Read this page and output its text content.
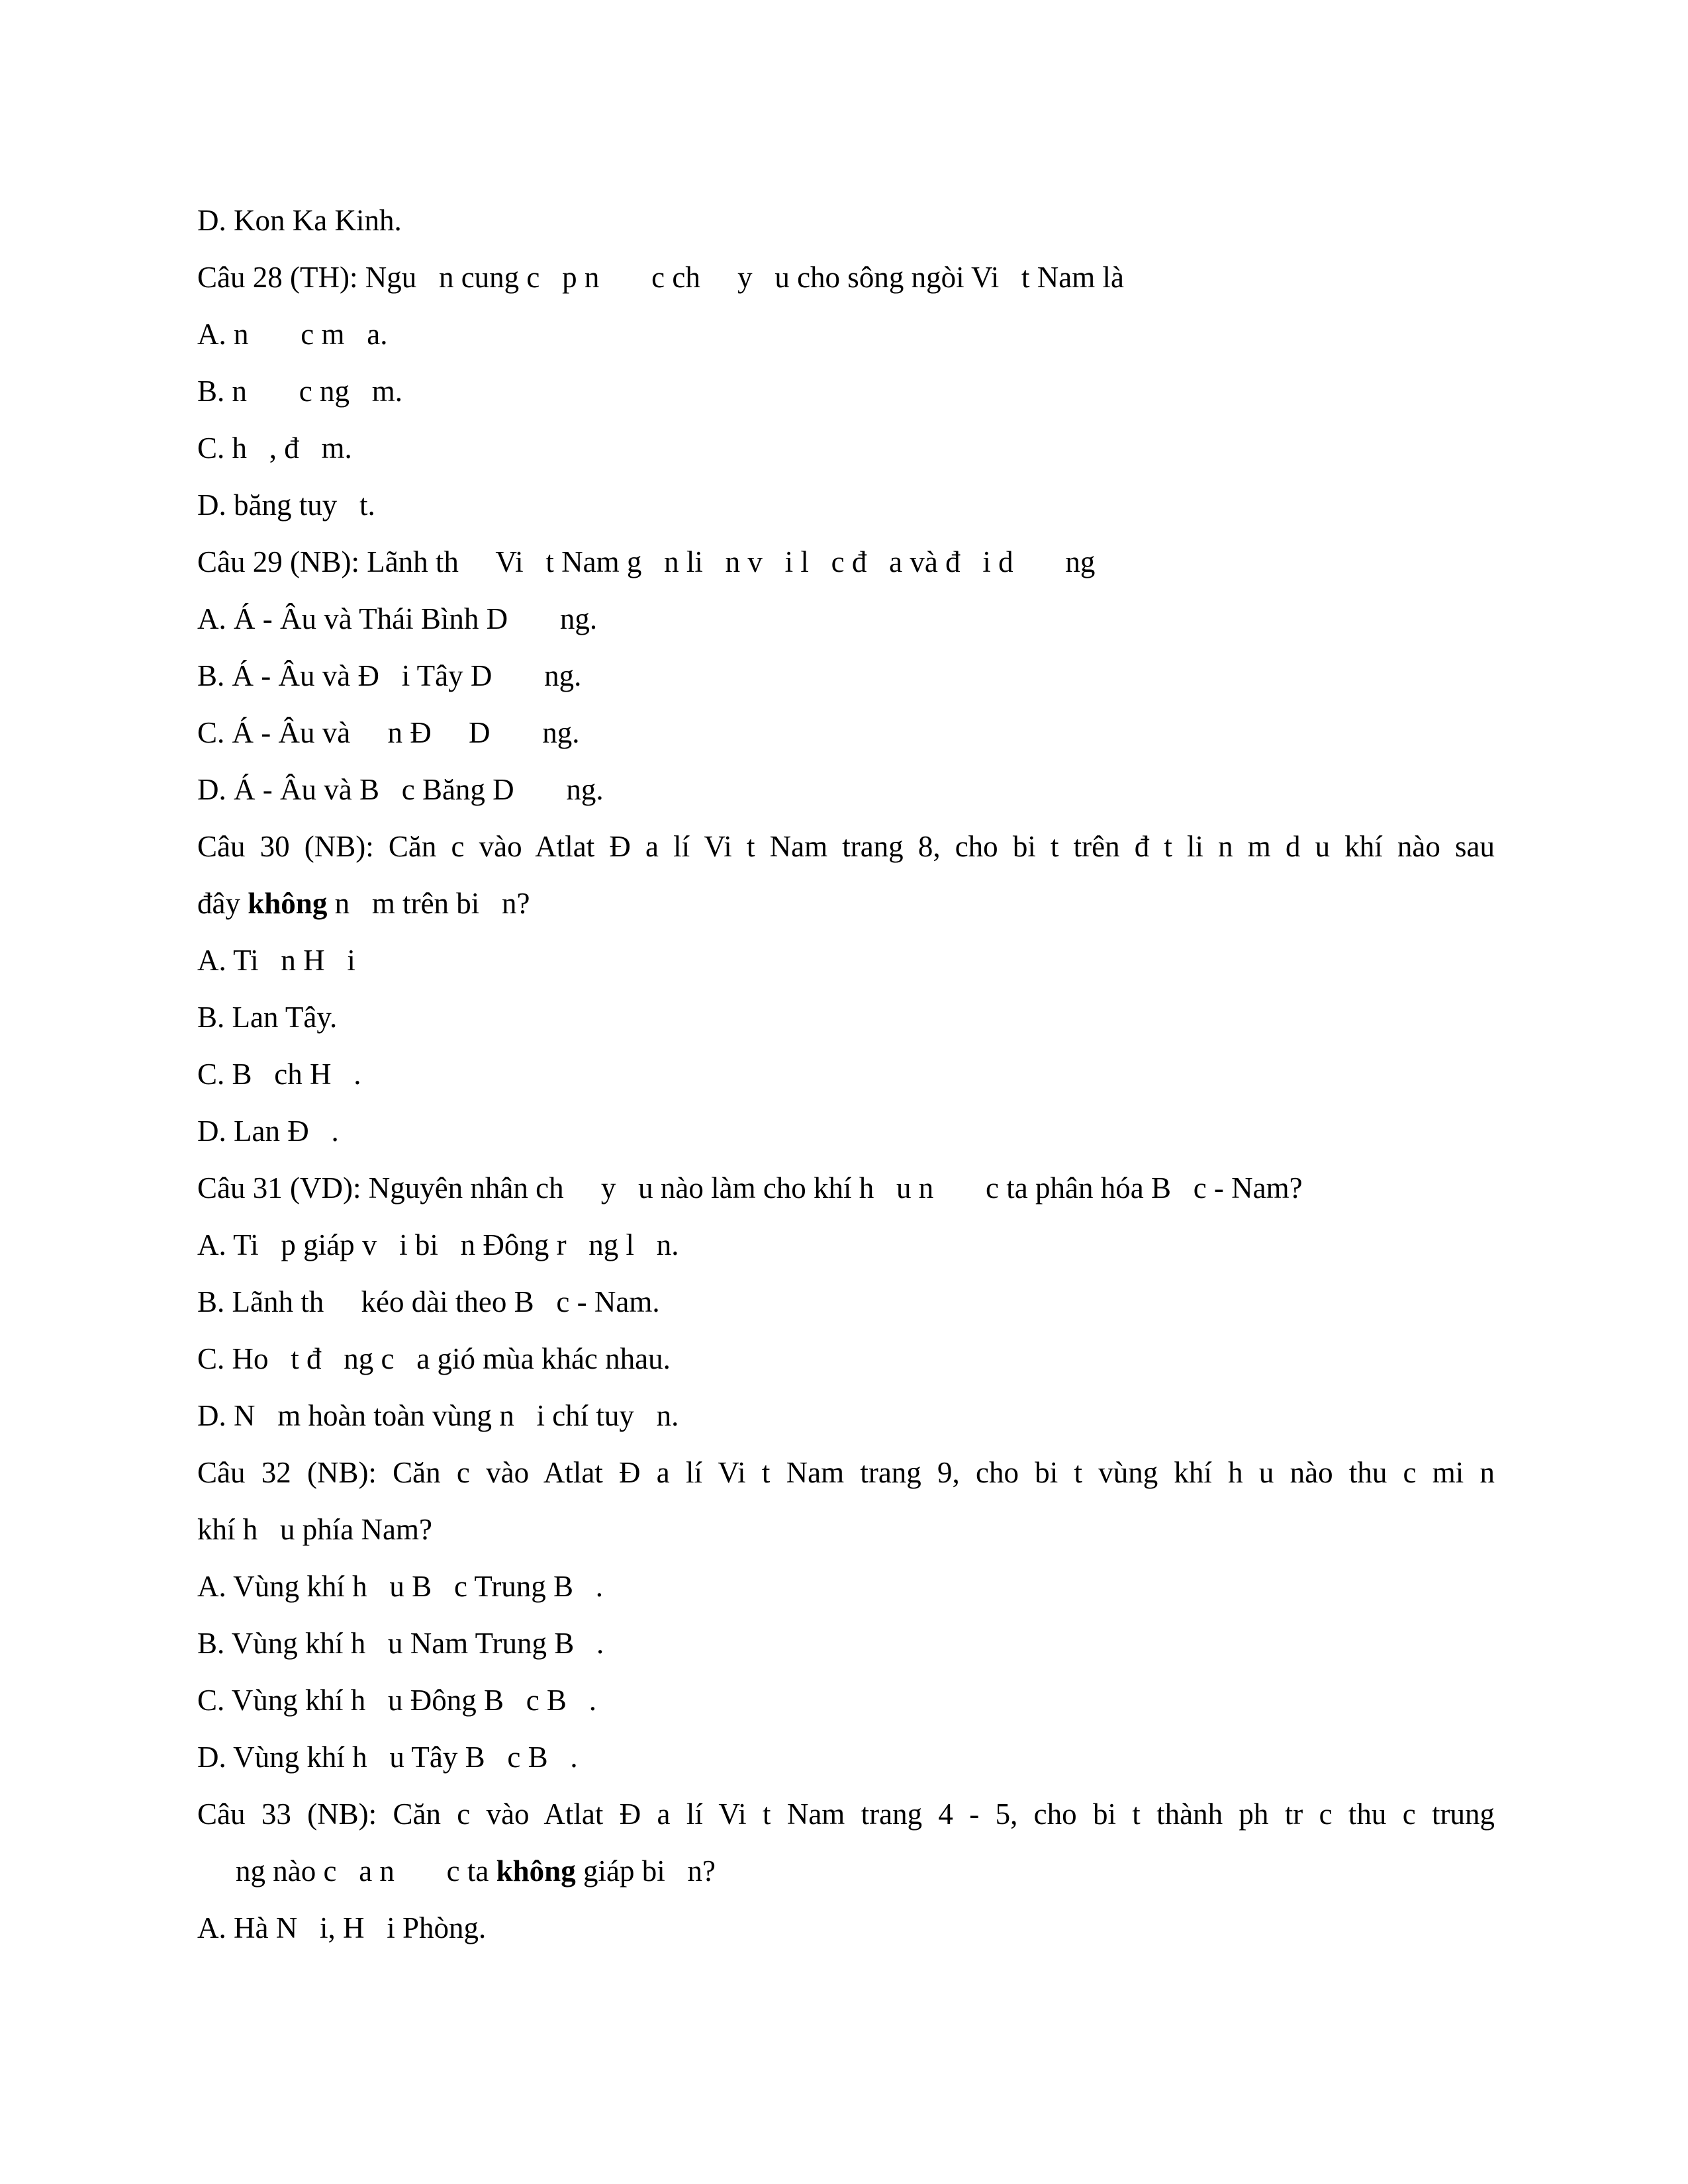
D. Kon Ka Kinh.
Câu 28 (TH): Ngu   n cung c   p n       c ch     y   u cho sông ngòi Vi   t Nam là
A. n       c m   a.
B. n       c ng   m.
C. h   , đ   m.
D. băng tuy   t.
Câu 29 (NB): Lãnh th     Vi   t Nam g   n li   n v   i l   c đ   a và đ   i d       ng
A. Á - Âu và Thái Bình D       ng.
B. Á - Âu và Đ   i Tây D       ng.
C. Á - Âu và     n Đ     D       ng.
D. Á - Âu và B   c Băng D       ng.
Câu 30 (NB): Căn c vào Atlat Đ a lí Vi t Nam trang 8, cho bi t trên đ t li n m d u khí nào sau
đây không n   m trên bi   n?
A. Ti   n H   i
B. Lan Tây.
C. B   ch H   .
D. Lan Đ   .
Câu 31 (VD): Nguyên nhân ch     y   u nào làm cho khí h   u n       c ta phân hóa B   c - Nam?
A. Ti   p giáp v   i bi   n Đông r   ng l   n.
B. Lãnh th     kéo dài theo B   c - Nam.
C. Ho   t đ   ng c   a gió mùa khác nhau.
D. N   m hoàn toàn vùng n   i chí tuy   n.
Câu 32 (NB): Căn c vào Atlat Đ a lí Vi t Nam trang 9, cho bi t vùng khí h u nào thu c mi n
khí h   u phía Nam?
A. Vùng khí h   u B   c Trung B   .
B. Vùng khí h   u Nam Trung B   .
C. Vùng khí h   u Đông B   c B   .
D. Vùng khí h   u Tây B   c B   .
Câu 33 (NB): Căn c vào Atlat Đ a lí Vi t Nam trang 4 - 5, cho bi t thành ph tr c thu c trung
ng nào c   a n       c ta không giáp bi   n?
A. Hà N   i, H   i Phòng.
